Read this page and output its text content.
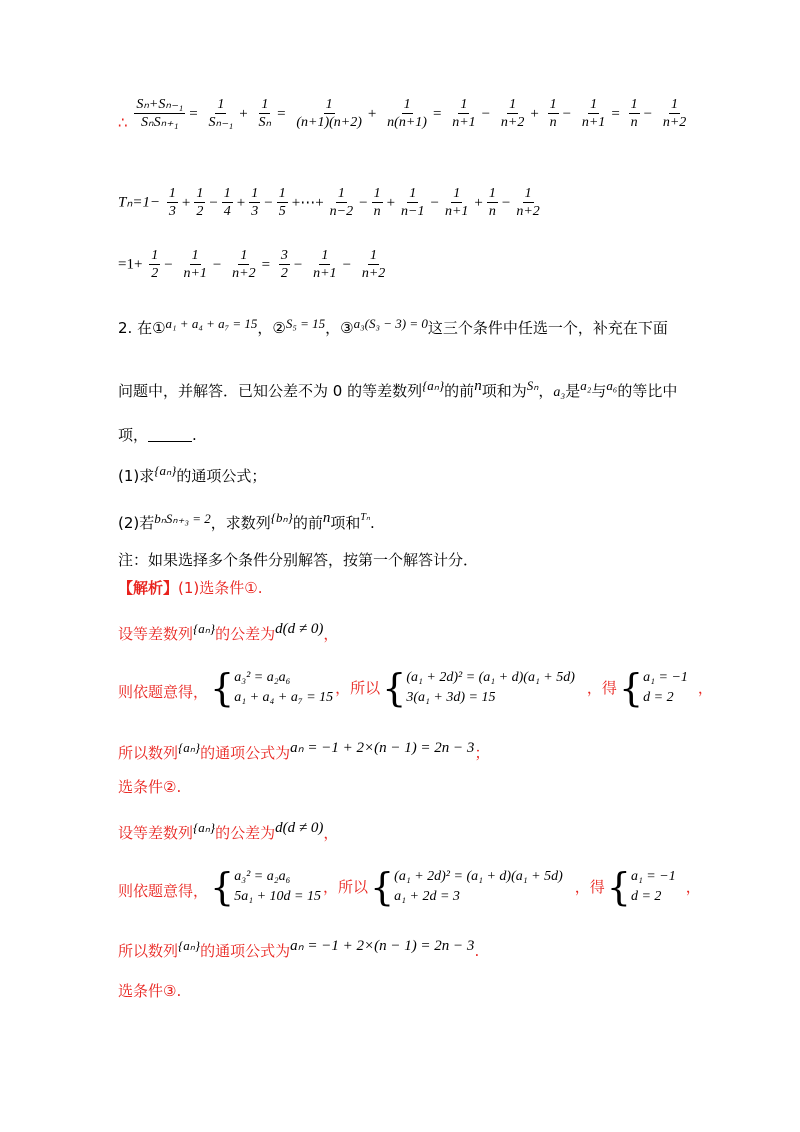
∴ $\frac{\text{Sₙ+Sₙ₋₁}}{\text{SₙSₙ₊₁}} = \frac{1}{\text{Sₙ₋₁}} + \frac{1}{\text{Sₙ}} = \frac{1}{(n+1)(n+2)} + \frac{1}{n(n+1)} = \frac{1}{n+1} - \frac{1}{n+2} + \frac{1}{n} - \frac{1}{n+1} = \frac{1}{n} - \frac{1}{n+2}$
$T_n=1- \frac{1}{3} + \frac{1}{2} - \frac{1}{4} + \frac{1}{3} - \frac{1}{5}$ +⋯+ $\frac{1}{n-2} - \frac{1}{n} + \frac{1}{n-1} - \frac{1}{n+1} + \frac{1}{n} - \frac{1}{n+2}$
$=1+ \frac{1}{2} - \frac{1}{n+1} - \frac{1}{n+2} = \frac{3}{2} - \frac{1}{n+1} - \frac{1}{n+2}$
2. 在①a₁ + a₄ + a₇ = 15，②S₅ = 15，③a₃(S₃ − 3) = 0这三个条件中任选一个，补充在下面
问题中，并解答．已知公差不为 0 的等差数列{aₙ}的前n项和为Sₙ，a₃是a₂与a₆的等比中
项，	.
(1)求{aₙ}的通项公式；
(2)若bₙSₙ₊₃ = 2，求数列{bₙ}的前n项和$^{T_n}$.
注：如果选择多个条件分别解答，按第一个解答计分．
【解析】(1)选条件①.
设等差数列{aₙ}的公差为d(d ≠ 0)，
则依题意得， { a₃² = a₂a₆
a₁ + a₄ + a₇ = 15
，所以 { (a₁ + 2d)² = (a₁ + d)(a₁ + 5d)
3(a₁ + 3d) = 15
，得 { a₁ = −1
d = 2
，
所以数列{aₙ}的通项公式为aₙ = −1 + 2×(n − 1) = 2n − 3；
选条件②.
设等差数列{aₙ}的公差为d(d ≠ 0)，
则依题意得， { a₃² = a₂a₆
5a₁ + 10d = 15
，所以 { (a₁ + 2d)² = (a₁ + d)(a₁ + 5d)
a₁ + 2d = 3
，得 { a₁ = −1
d = 2
，
所以数列{aₙ}的通项公式为aₙ = −1 + 2×(n − 1) = 2n − 3.
选条件③.
